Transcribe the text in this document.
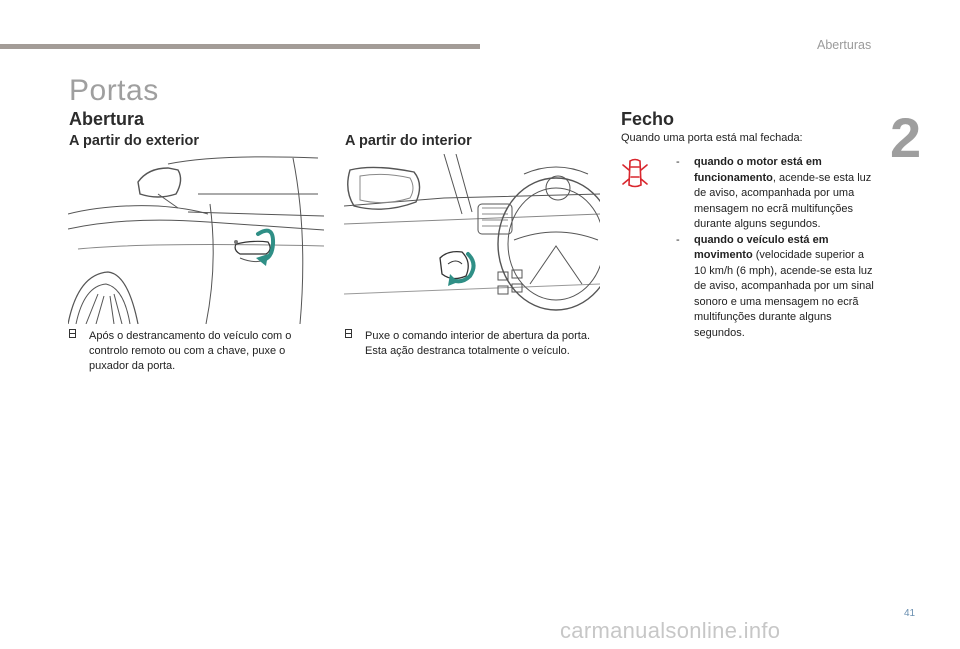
Aberturas
2
Portas
Abertura
A partir do exterior
Após o destrancamento do veículo com o controlo remoto ou com a chave, puxe o puxador da porta.
A partir do interior
Puxe o comando interior de abertura da porta. Esta ação destranca totalmente o veículo.
Fecho
Quando uma porta está mal fechada:
- quando o motor está em funcionamento, acende-se esta luz de aviso, acompanhada por uma mensagem no ecrã multifunções durante alguns segundos.
- quando o veículo está em movimento (velocidade superior a 10 km/h (6 mph), acende-se esta luz de aviso, acompanhada por um sinal sonoro e uma mensagem no ecrã multifunções durante alguns segundos.
41
carmanualsonline.info
